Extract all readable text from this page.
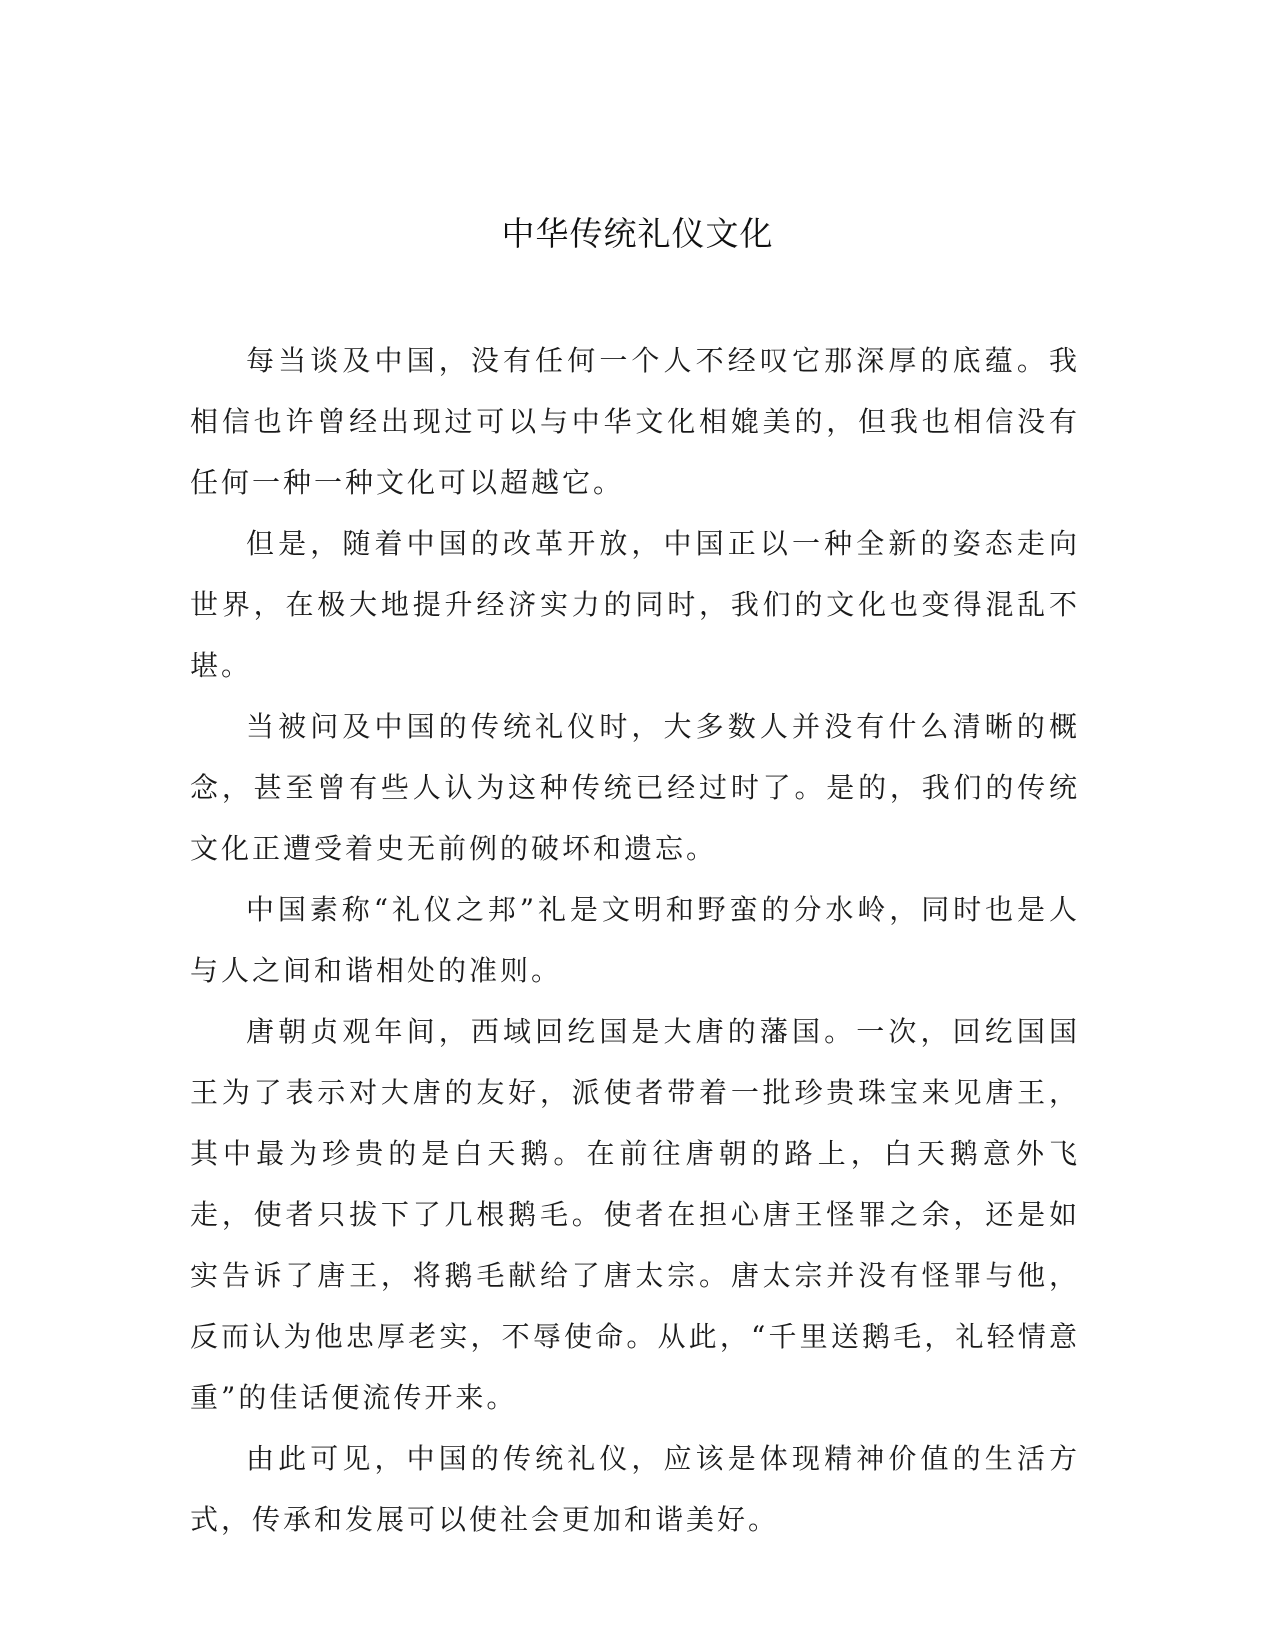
中华传统礼仪文化

每当谈及中国，没有任何一个人不经叹它那深厚的底蕴。我相信也许曾经出现过可以与中华文化相媲美的，但我也相信没有任何一种一种文化可以超越它。

但是，随着中国的改革开放，中国正以一种全新的姿态走向世界，在极大地提升经济实力的同时，我们的文化也变得混乱不堪。

当被问及中国的传统礼仪时，大多数人并没有什么清晰的概念，甚至曾有些人认为这种传统已经过时了。是的，我们的传统文化正遭受着史无前例的破坏和遗忘。

中国素称“礼仪之邦”礼是文明和野蛮的分水岭，同时也是人与人之间和谐相处的准则。

唐朝贞观年间，西域回纥国是大唐的藩国。一次，回纥国国王为了表示对大唐的友好，派使者带着一批珍贵珠宝来见唐王，其中最为珍贵的是白天鹅。在前往唐朝的路上，白天鹅意外飞走，使者只拔下了几根鹅毛。使者在担心唐王怪罪之余，还是如实告诉了唐王，将鹅毛献给了唐太宗。唐太宗并没有怪罪与他，反而认为他忠厚老实，不辱使命。从此，“千里送鹅毛，礼轻情意重”的佳话便流传开来。

由此可见，中国的传统礼仪，应该是体现精神价值的生活方式，传承和发展可以使社会更加和谐美好。
